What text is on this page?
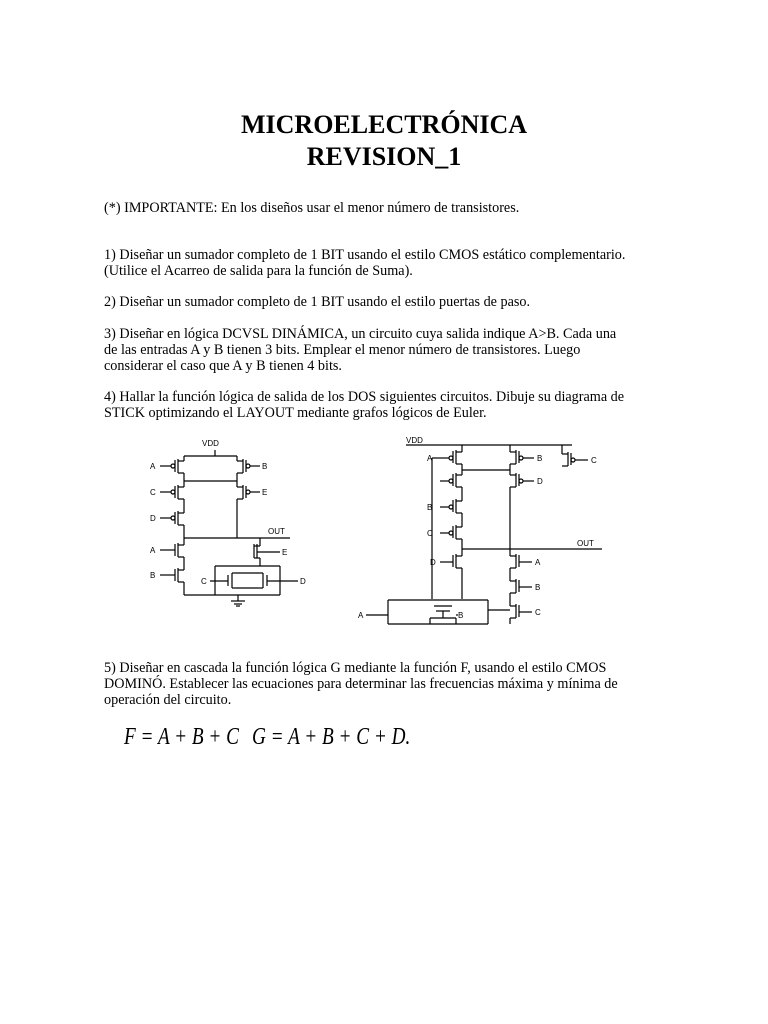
MICROELECTRÓNICA
REVISION_1
(*) IMPORTANTE: En los diseños usar el menor número de transistores.
1) Diseñar un sumador completo de 1 BIT usando el estilo CMOS estático complementario.
(Utilice el Acarreo de salida para la función de Suma).
2) Diseñar un sumador completo de 1 BIT usando el estilo puertas de paso.
3) Diseñar en lógica DCVSL DINÁMICA, un circuito cuya salida indique A>B. Cada una
de las entradas A y B tienen 3 bits. Emplear el menor número de transistores. Luego
considerar el caso que A y B tienen 4 bits.
4) Hallar la función lógica de salida de los DOS siguientes circuitos. Dibuje su diagrama de
STICK optimizando el LAYOUT mediante grafos lógicos de Euler.
VDD
A
C
D
B
E
OUT
A
B
E
C	D
VDD
A
B
C
B
D
C
OUT
D	A
B
C
A	B
5) Diseñar en cascada la función lógica G mediante la función F, usando el estilo CMOS
DOMINÓ. Establecer las ecuaciones para determinar las frecuencias máxima y mínima de
operación del circuito.
F = A + B + C G = A + B + C + D.
